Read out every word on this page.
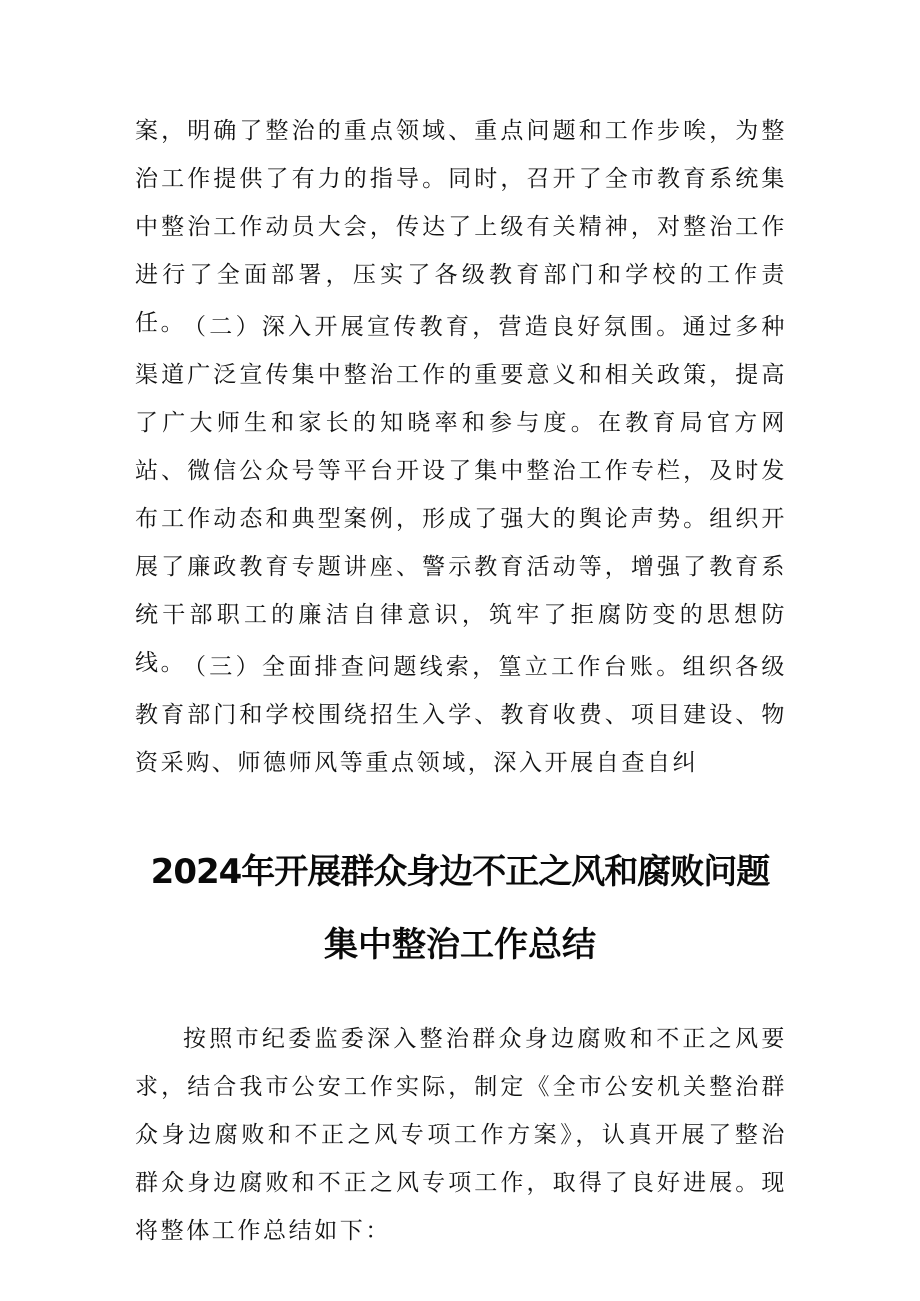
案，明确了整治的重点领域、重点问题和工作步唉，为整治工作提供了有力的指导。同时，召开了全市教育系统集中整治工作动员大会，传达了上级有关精神，对整治工作进行了全面部署，压实了各级教育部门和学校的工作责任。

（二）深入开展宣传教育，营造良好氛围。通过多种渠道广泛宣传集中整治工作的重要意义和相关政策，提高了广大师生和家长的知晓率和参与度。在教育局官方网站、微信公众号等平台开设了集中整治工作专栏，及时发布工作动态和典型案例，形成了强大的舆论声势。组织开展了廉政教育专题讲座、警示教育活动等，增强了教育系统干部职工的廉洁自律意识，筑牢了拒腐防变的思想防线。

（三）全面排查问题线索，篁立工作台账。组织各级教育部门和学校围绕招生入学、教育收费、项目建设、物资采购、师德师风等重点领域，深入开展自查自纠

2024年开展群众身边不正之风和腐败问题
集中整治工作总结

按照市纪委监委深入整治群众身边腐败和不正之风要求，结合我市公安工作实际，制定《全市公安机关整治群众身边腐败和不正之风专项工作方案》，认真开展了整治群众身边腐败和不正之风专项工作，取得了良好进展。现将整体工作总结如下：
